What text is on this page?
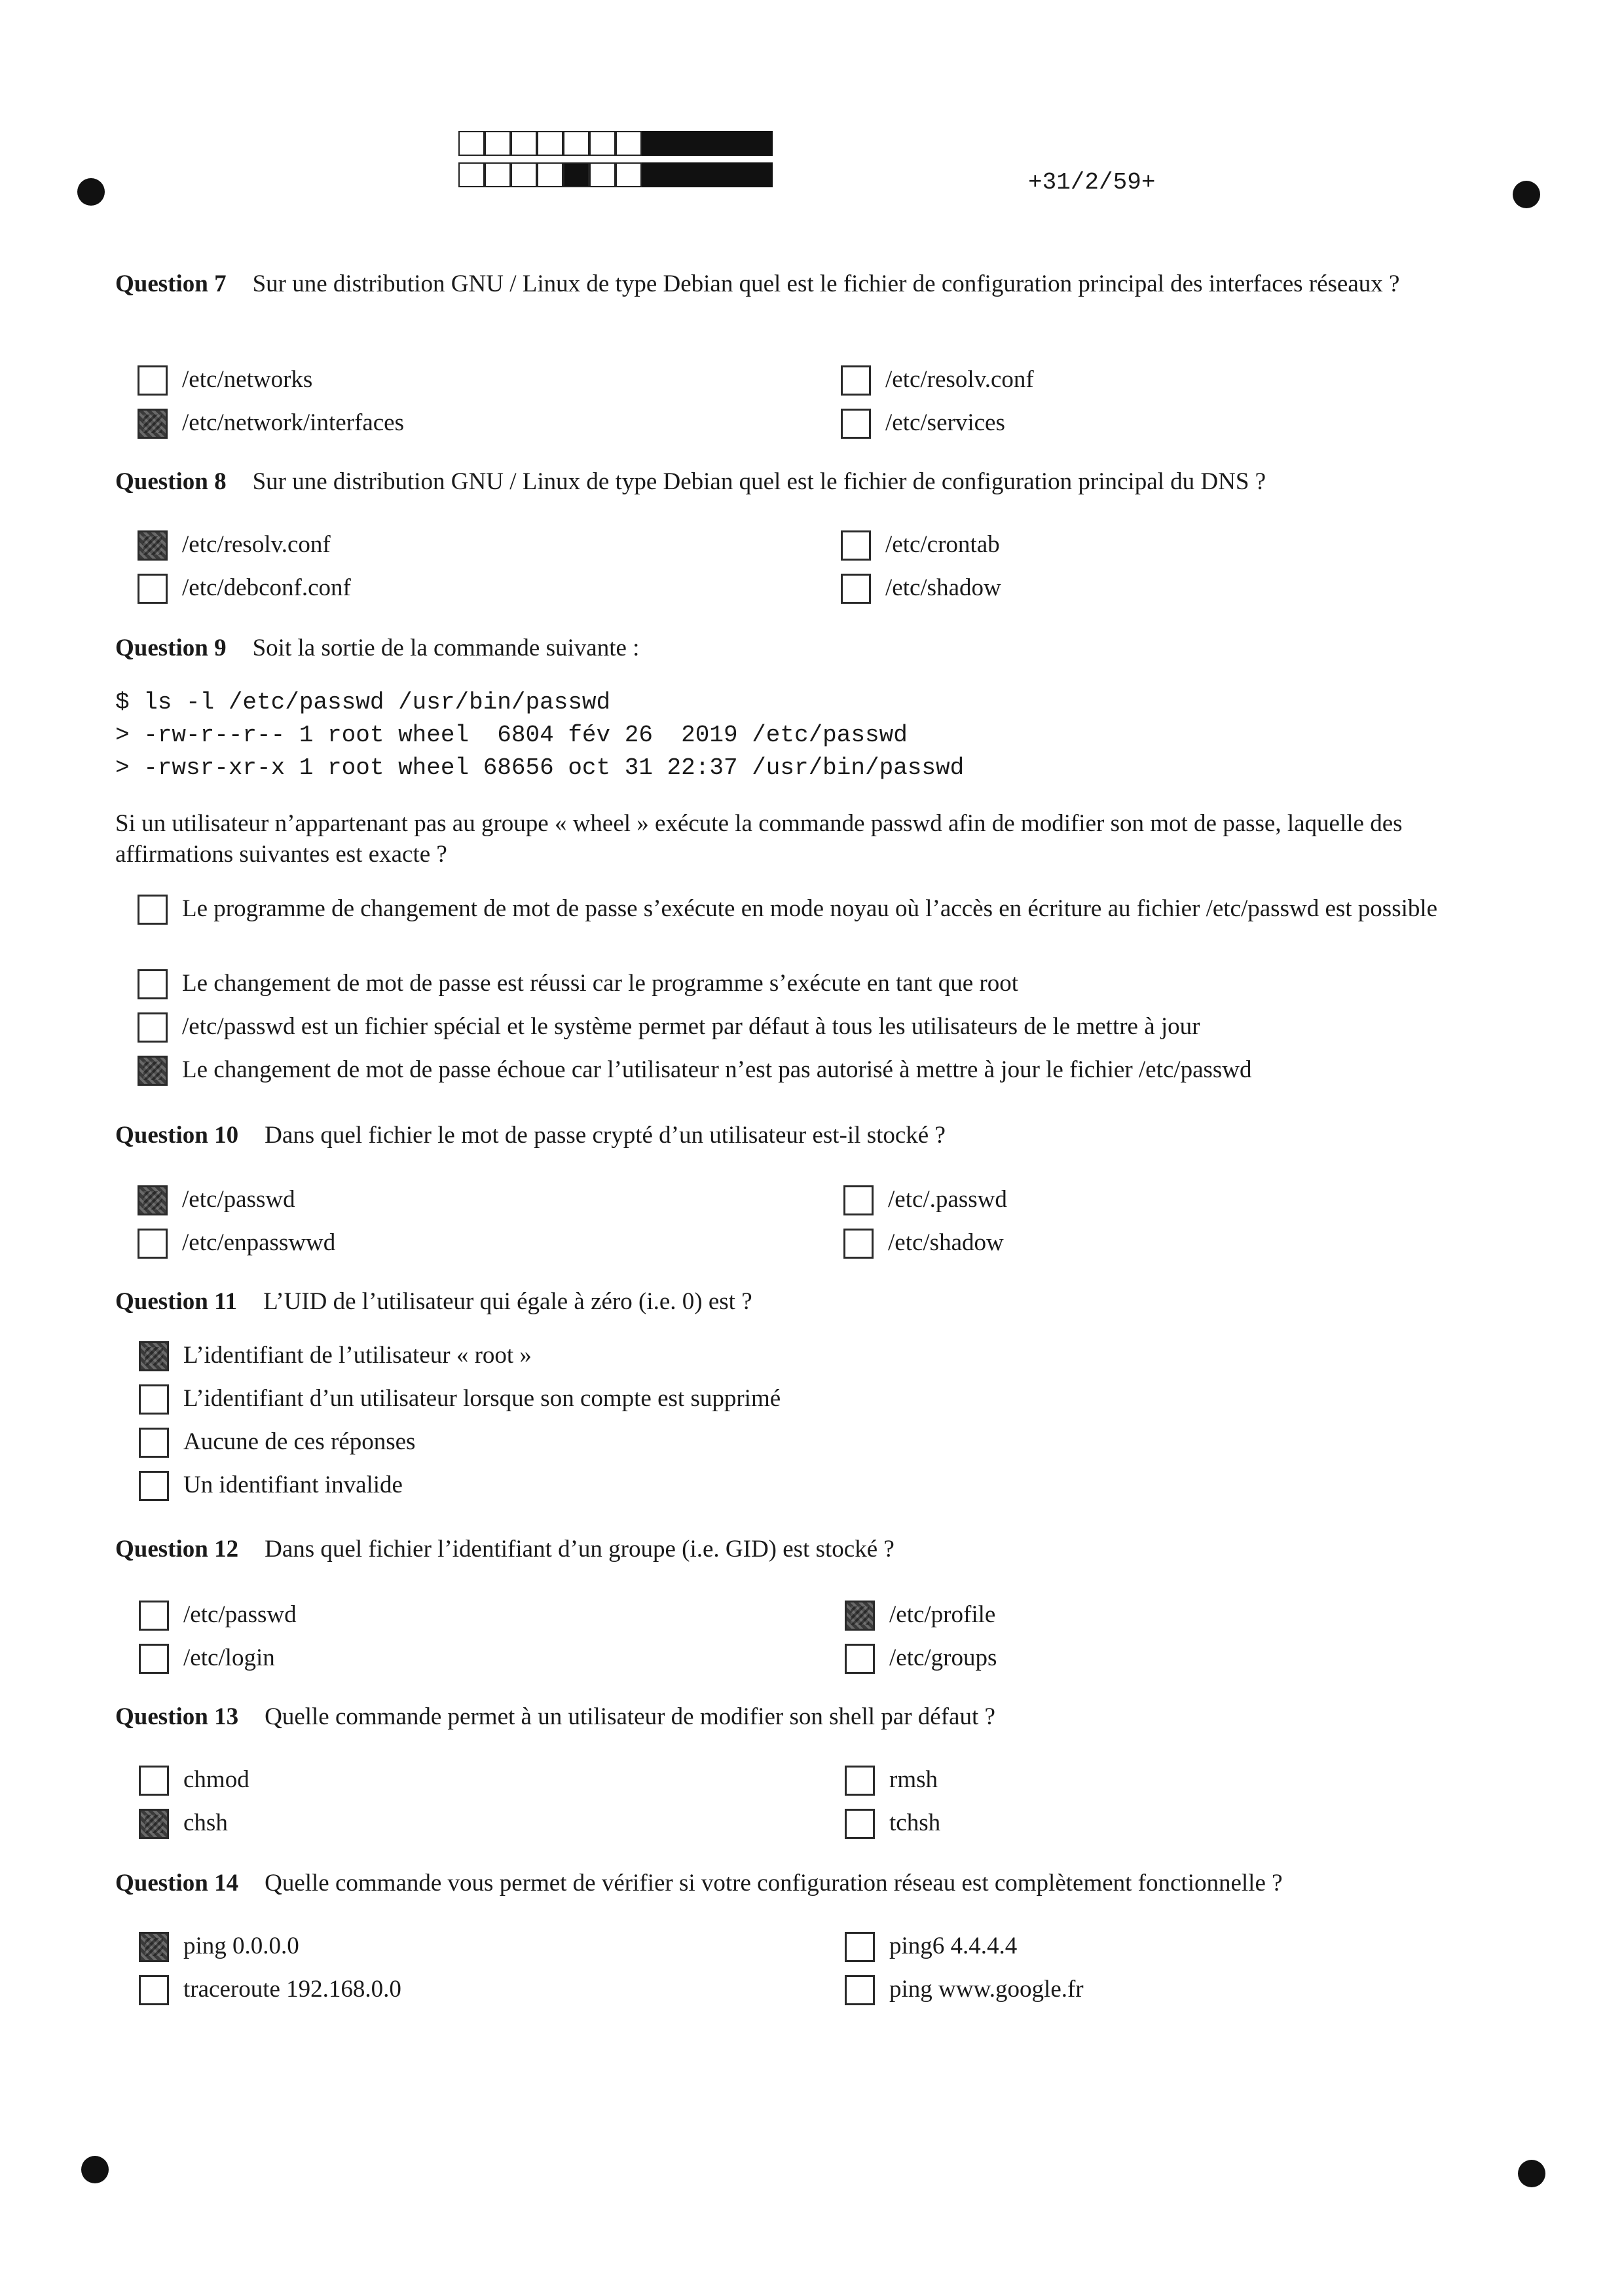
+31/2/59+
Question 7 Sur une distribution GNU / Linux de type Debian quel est le fichier de configuration principal des interfaces réseaux ?
/etc/networks
/etc/network/interfaces
/etc/resolv.conf
/etc/services
Question 8 Sur une distribution GNU / Linux de type Debian quel est le fichier de configuration principal du DNS ?
/etc/resolv.conf
/etc/debconf.conf
/etc/crontab
/etc/shadow
Question 9 Soit la sortie de la commande suivante :
$ ls -l /etc/passwd /usr/bin/passwd
> -rw-r--r-- 1 root wheel  6804 fév 26  2019 /etc/passwd
> -rwsr-xr-x 1 root wheel 68656 oct 31 22:37 /usr/bin/passwd
Si un utilisateur n’appartenant pas au groupe « wheel » exécute la commande passwd afin de modifier son mot de passe, laquelle des affirmations suivantes est exacte ?
Le programme de changement de mot de passe s’exécute en mode noyau où l’accès en écriture au fichier /etc/passwd est possible
Le changement de mot de passe est réussi car le programme s’exécute en tant que root
/etc/passwd est un fichier spécial et le système permet par défaut à tous les utilisateurs de le mettre à jour
Le changement de mot de passe échoue car l’utilisateur n’est pas autorisé à mettre à jour le fichier /etc/passwd
Question 10 Dans quel fichier le mot de passe crypté d’un utilisateur est-il stocké ?
/etc/passwd
/etc/enpasswwd
/etc/.passwd
/etc/shadow
Question 11 L’UID de l’utilisateur qui égale à zéro (i.e. 0) est ?
L’identifiant de l’utilisateur « root »
L’identifiant d’un utilisateur lorsque son compte est supprimé
Aucune de ces réponses
Un identifiant invalide
Question 12 Dans quel fichier l’identifiant d’un groupe (i.e. GID) est stocké ?
/etc/passwd
/etc/login
/etc/profile
/etc/groups
Question 13 Quelle commande permet à un utilisateur de modifier son shell par défaut ?
chmod
chsh
rmsh
tchsh
Question 14 Quelle commande vous permet de vérifier si votre configuration réseau est complètement fonctionnelle ?
ping 0.0.0.0
traceroute 192.168.0.0
ping6 4.4.4.4
ping www.google.fr
